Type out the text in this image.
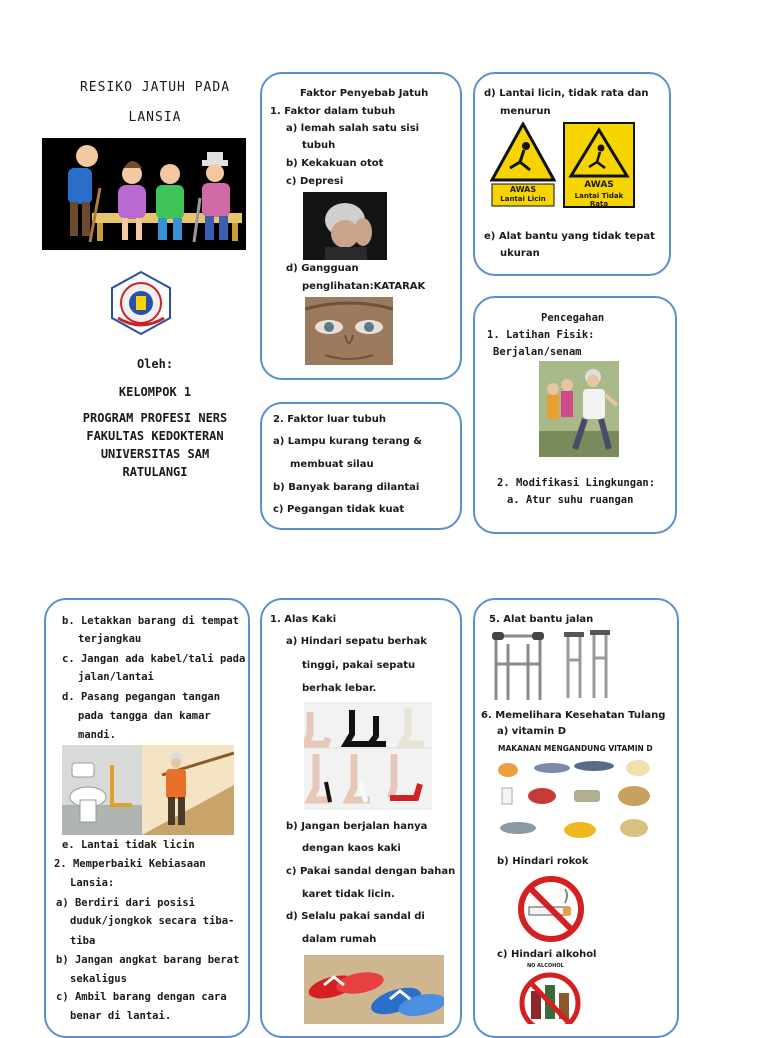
RESIKO JATUH PADA
LANSIA
Oleh:
KELOMPOK 1
PROGRAM PROFESI NERS
FAKULTAS KEDOKTERAN
UNIVERSITAS SAM
RATULANGI
Faktor Penyebab Jatuh
1. Faktor dalam tubuh
a) lemah salah satu sisi
tubuh
b) Kekakuan otot
c) Depresi
d) Gangguan
penglihatan:KATARAK
d) Lantai licin, tidak rata dan
menurun
AWAS
Lantai Licin
AWAS
Lantai Tidak Rata
e) Alat bantu yang tidak tepat
ukuran
2. Faktor luar tubuh
a) Lampu kurang terang &
membuat silau
b) Banyak barang dilantai
c) Pegangan tidak kuat
Pencegahan
1. Latihan Fisik:
Berjalan/senam
2. Modifikasi Lingkungan:
a. Atur suhu ruangan
b. Letakkan barang di tempat
terjangkau
c. Jangan ada kabel/tali pada
jalan/lantai
d. Pasang pegangan tangan
pada tangga dan kamar
mandi.
e. Lantai tidak licin
2. Memperbaiki Kebiasaan
Lansia:
a) Berdiri dari posisi
duduk/jongkok secara tiba-
tiba
b) Jangan angkat barang berat
sekaligus
c) Ambil barang dengan cara
benar di lantai.
1. Alas Kaki
a) Hindari sepatu berhak
tinggi, pakai sepatu
berhak lebar.
b) Jangan berjalan hanya
dengan kaos kaki
c) Pakai sandal dengan bahan
karet tidak licin.
d) Selalu pakai sandal di
dalam rumah
5. Alat bantu jalan
6. Memelihara Kesehatan Tulang
a) vitamin D
MAKANAN MENGANDUNG VITAMIN D
b) Hindari rokok
c) Hindari alkohol
NO ALCOHOL
